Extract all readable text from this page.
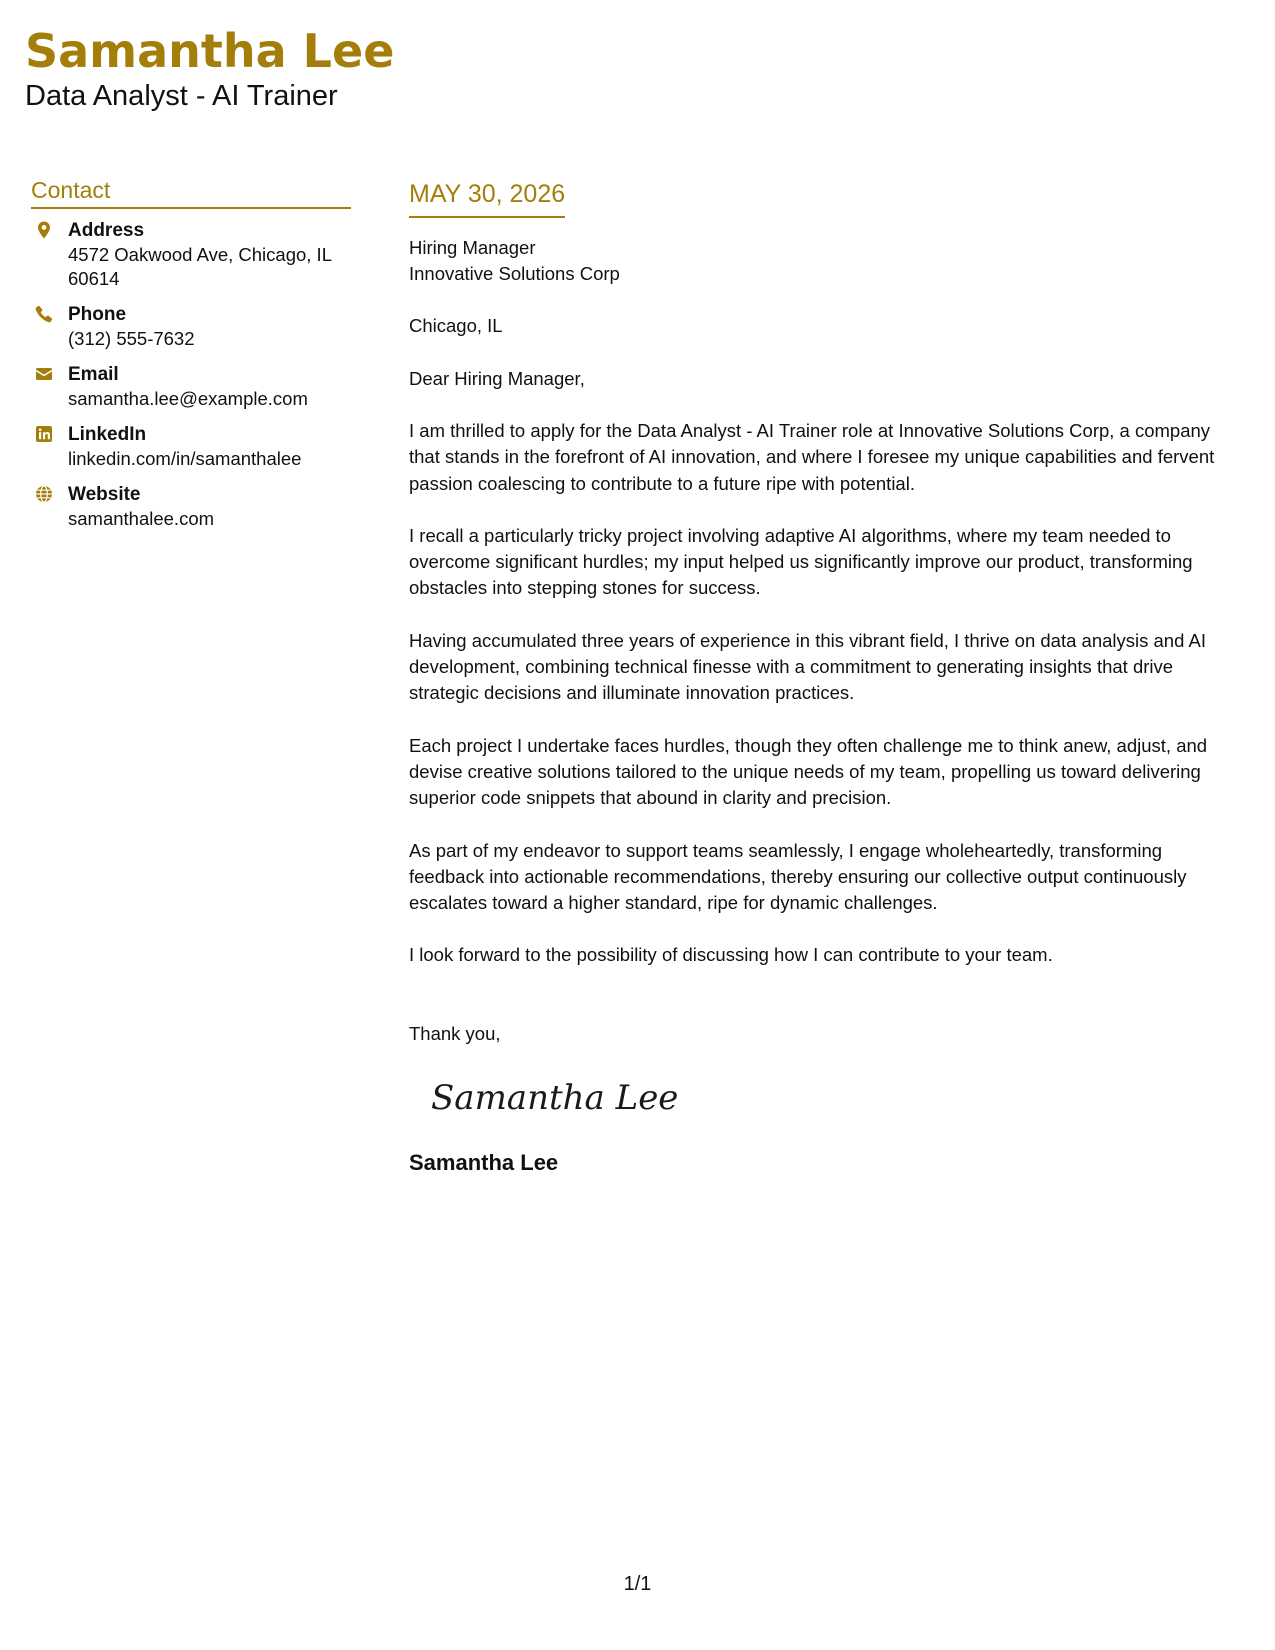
Samantha Lee
Data Analyst - AI Trainer
Contact
Address
4572 Oakwood Ave, Chicago, IL 60614
Phone
(312) 555-7632
Email
samantha.lee@example.com
LinkedIn
linkedin.com/in/samanthalee
Website
samanthalee.com
MAY 30, 2026
Hiring Manager
Innovative Solutions Corp
Chicago, IL
Dear Hiring Manager,
I am thrilled to apply for the Data Analyst - AI Trainer role at Innovative Solutions Corp, a company that stands in the forefront of AI innovation, and where I foresee my unique capabilities and fervent passion coalescing to contribute to a future ripe with potential.
I recall a particularly tricky project involving adaptive AI algorithms, where my team needed to overcome significant hurdles; my input helped us significantly improve our product, transforming obstacles into stepping stones for success.
Having accumulated three years of experience in this vibrant field, I thrive on data analysis and AI development, combining technical finesse with a commitment to generating insights that drive strategic decisions and illuminate innovation practices.
Each project I undertake faces hurdles, though they often challenge me to think anew, adjust, and devise creative solutions tailored to the unique needs of my team, propelling us toward delivering superior code snippets that abound in clarity and precision.
As part of my endeavor to support teams seamlessly, I engage wholeheartedly, transforming feedback into actionable recommendations, thereby ensuring our collective output continuously escalates toward a higher standard, ripe for dynamic challenges.
I look forward to the possibility of discussing how I can contribute to your team.
Thank you,
Samantha Lee
Samantha Lee
1/1
